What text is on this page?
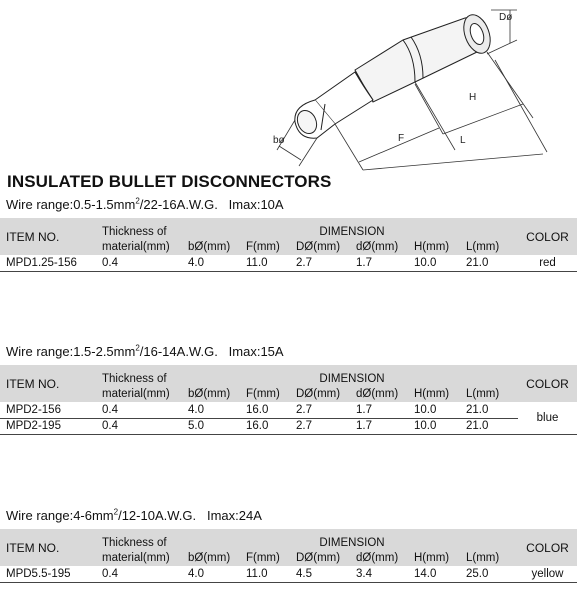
Dø
H
bø	F	L
INSULATED BULLET DISCONNECTORS
Wire $range:0.5-1.5mm^2/22-16A.W.G$. Imax:10A
ITEM NO.	Thickness of	DIMENSION						COLOR
	material(mm)	bØ(mm)	F(mm)	DØ(mm)	dØ(mm)	H(mm)	L(mm)	
MPD1.25-156	0.4	4.0	11.0	2.7	1.7	10.0	21.0	red
Wire $range:1.5-2.5mm^2/16-14A.W.G$. Imax:15A
ITEM NO.	Thickness of	DIMENSION						COLOR
	material(mm)	bØ(mm)	F(mm)	DØ(mm)	dØ(mm)	H(mm)	L(mm)	
MPD2-156	0.4	4.0	16.0	2.7	1.7	10.0	21.0	blue
MPD2-195	0.4	5.0	16.0	2.7	1.7	10.0	21.0	
Wire $range:4-6mm^2/12-10A.W.G$. Imax:24A
ITEM NO.	Thickness of	DIMENSION						COLOR
	material(mm)	bØ(mm)	F(mm)	DØ(mm)	dØ(mm)	H(mm)	L(mm)	
MPD5.5-195	0.4	4.0	11.0	4.5	3.4	14.0	25.0	yellow
